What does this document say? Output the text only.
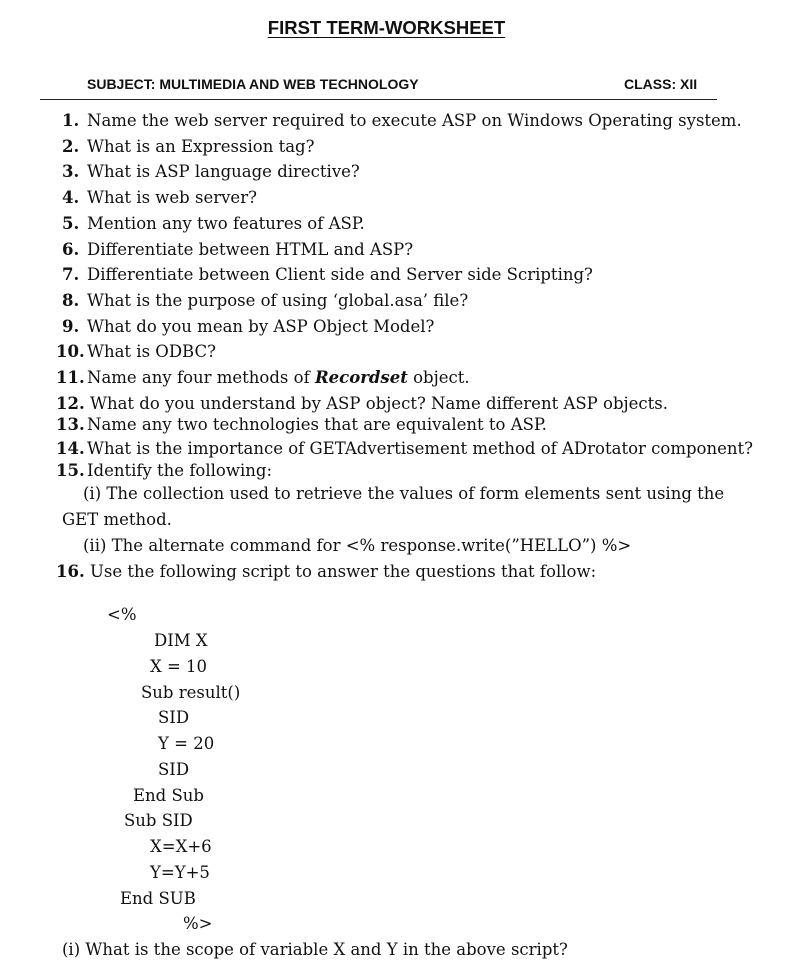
FIRST TERM-WORKSHEET
SUBJECT: MULTIMEDIA AND WEB TECHNOLOGY	CLASS: XII
1. Name the web server required to execute ASP on Windows Operating system.
2. What is an Expression tag?
3. What is ASP language directive?
4. What is web server?
5. Mention any two features of ASP.
6. Differentiate between HTML and ASP?
7. Differentiate between Client side and Server side Scripting?
8. What is the purpose of using ‘global.asa’ file?
9. What do you mean by ASP Object Model?
10. What is ODBC?
11. Name any four methods of Recordset object.
12. What do you understand by ASP object? Name different ASP objects.
13. Name any two technologies that are equivalent to ASP.
14. What is the importance of GETAdvertisement method of ADrotator component?
15. Identify the following:
(i) The collection used to retrieve the values of form elements sent using the
GET method.
(ii) The alternate command for <% response.write(”HELLO”) %>
16. Use the following script to answer the questions that follow:
<%
DIM X
X = 10
Sub result()
SID
Y = 20
SID
End Sub
Sub SID
X=X+6
Y=Y+5
End SUB
%>
(i) What is the scope of variable X and Y in the above script?
